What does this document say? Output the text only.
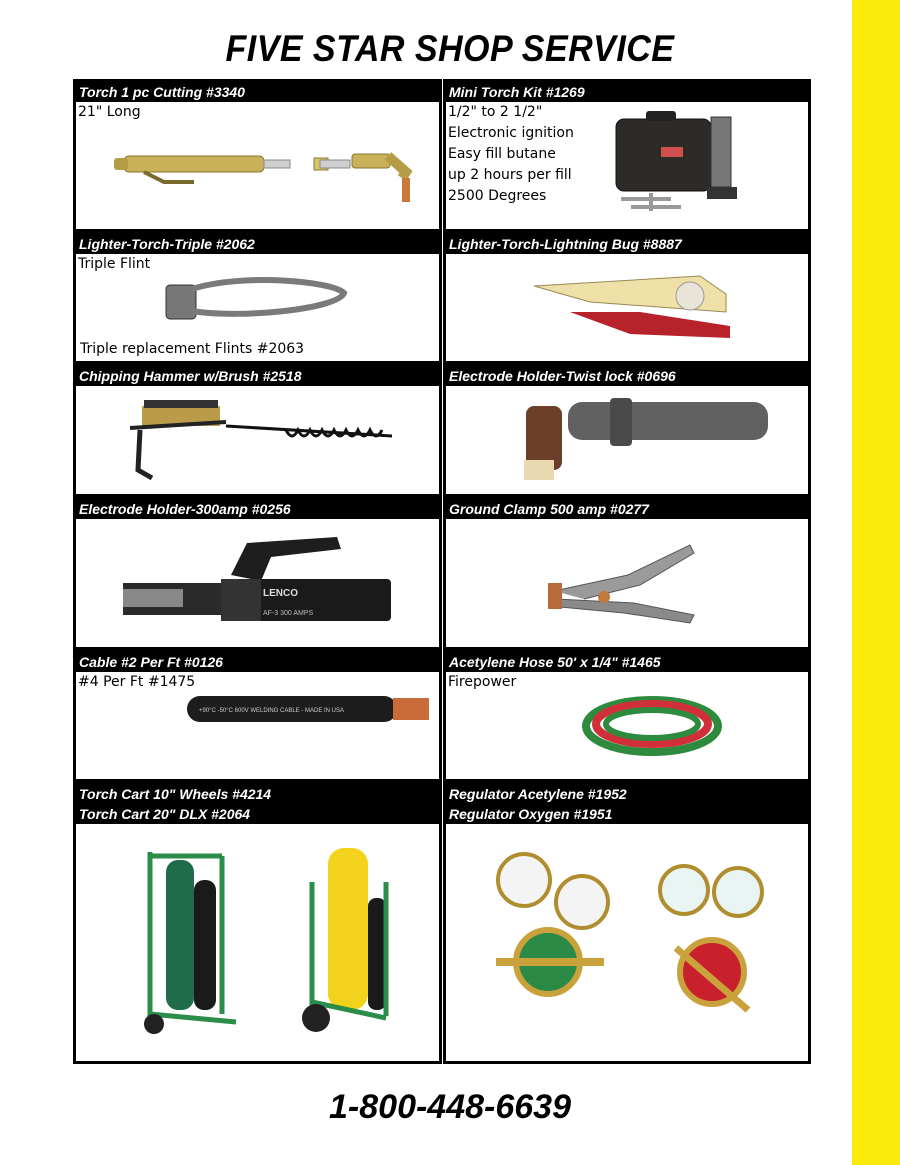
FIVE STAR SHOP SERVICE
Torch 1 pc Cutting #3340
21" Long
Mini Torch Kit #1269
1/2" to 2 1/2"
Electronic ignition
Easy fill butane
up 2 hours per fill
2500 Degrees
Lighter-Torch-Triple #2062
Triple Flint
Triple replacement Flints #2063
Lighter-Torch-Lightning Bug #8887
Chipping Hammer w/Brush #2518	Electrode Holder-Twist lock #0696
Electrode Holder-300amp #0256
LENCO
AF-3 300 AMPS
Ground Clamp 500 amp #0277
Cable #2 Per Ft #0126
#4 Per Ft #1475
+90°C -50°C 600V WELDING CABLE - MADE IN USA
Acetylene Hose 50' x 1/4" #1465
Firepower
Torch Cart 10" Wheels #4214
Torch Cart 20" DLX #2064
Regulator Acetylene #1952
Regulator Oxygen #1951
1-800-448-6639
